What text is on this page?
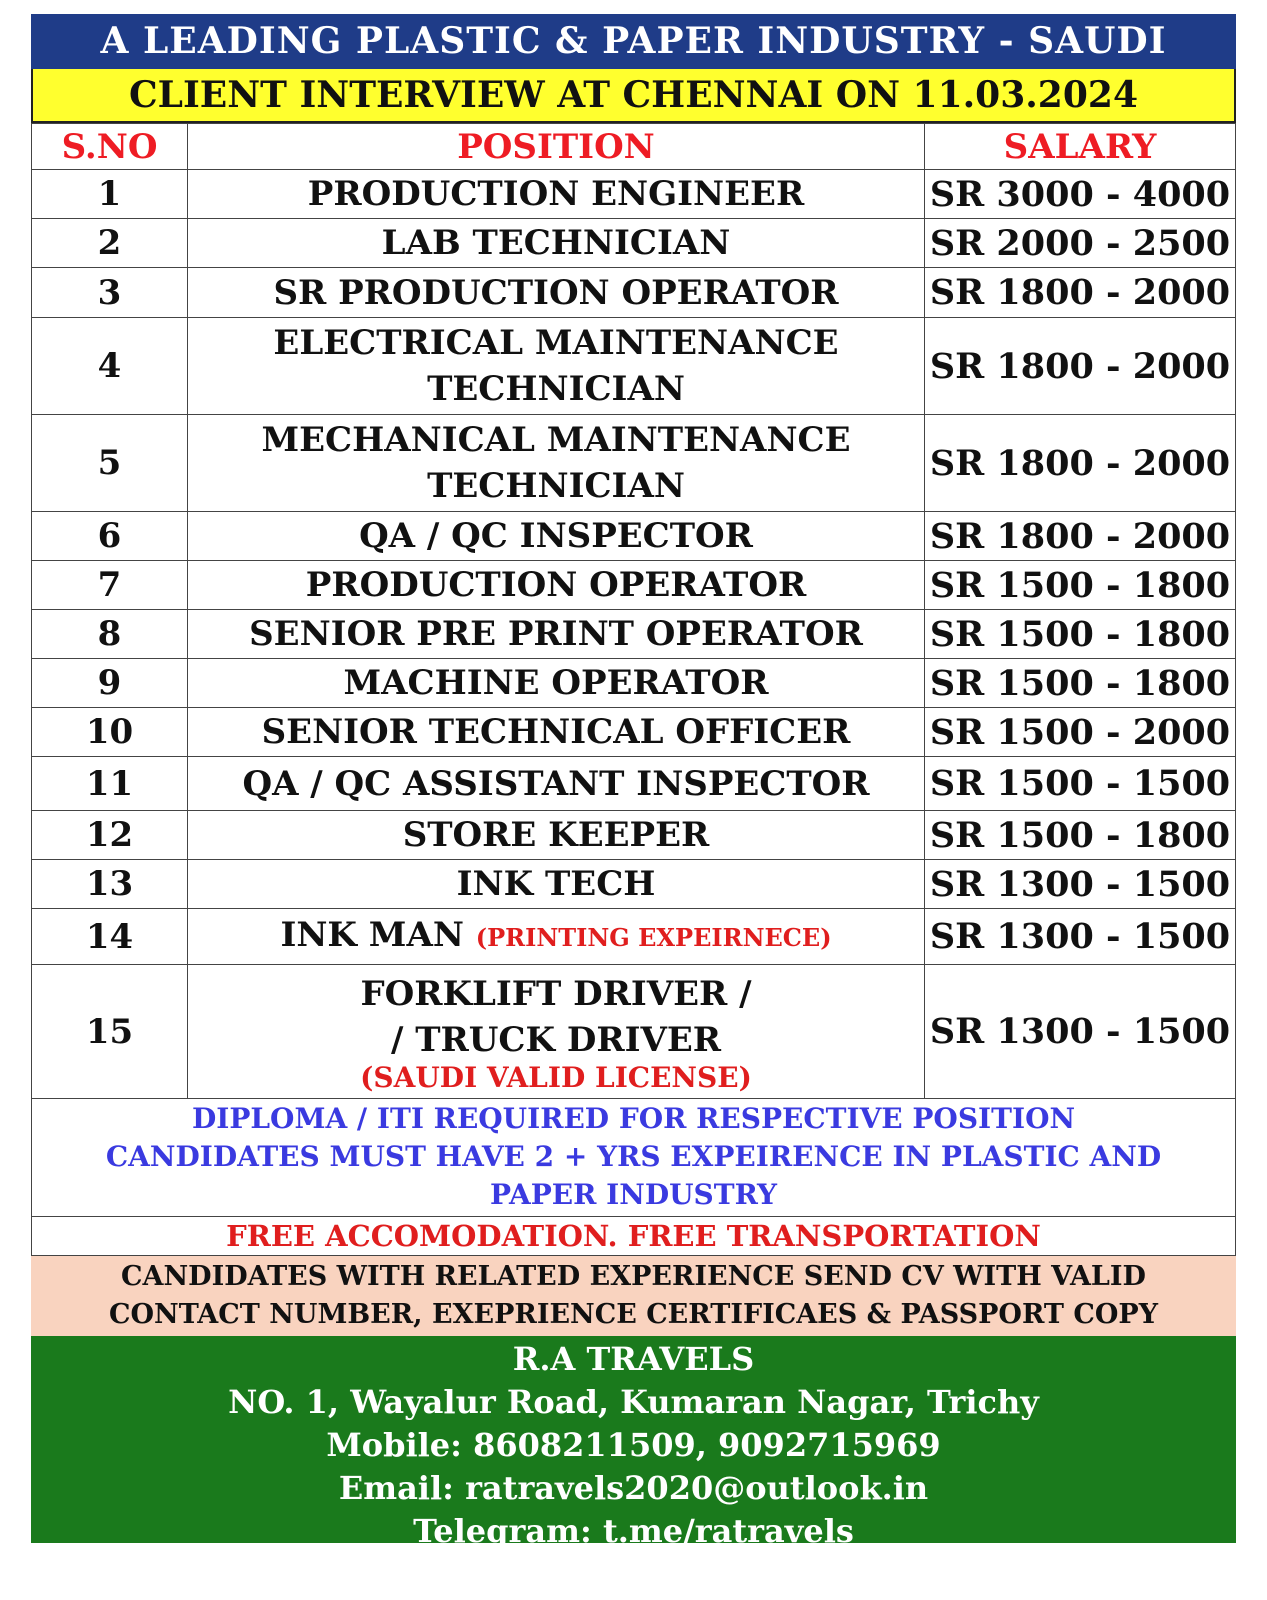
A LEADING PLASTIC & PAPER INDUSTRY - SAUDI
CLIENT INTERVIEW AT CHENNAI ON 11.03.2024
S.NO	POSITION	SALARY
1	PRODUCTION ENGINEER	SR 3000 - 4000
2	LAB TECHNICIAN	SR 2000 - 2500
3	SR PRODUCTION OPERATOR	SR 1800 - 2000
4	ELECTRICAL MAINTENANCE
TECHNICIAN	SR 1800 - 2000
5	MECHANICAL MAINTENANCE
TECHNICIAN	SR 1800 - 2000
6	QA / QC INSPECTOR	SR 1800 - 2000
7	PRODUCTION OPERATOR	SR 1500 - 1800
8	SENIOR PRE PRINT OPERATOR	SR 1500 - 1800
9	MACHINE OPERATOR	SR 1500 - 1800
10	SENIOR TECHNICAL OFFICER	SR 1500 - 2000
11	QA / QC ASSISTANT INSPECTOR	SR 1500 - 1500
12	STORE KEEPER	SR 1500 - 1800
13	INK TECH	SR 1300 - 1500
14	INK MAN (PRINTING EXPEIRNECE)	SR 1300 - 1500
15	FORKLIFT DRIVER /
/ TRUCK DRIVER
(SAUDI VALID LICENSE)	SR 1300 - 1500
DIPLOMA / ITI REQUIRED FOR RESPECTIVE POSITION
CANDIDATES MUST HAVE 2 + YRS EXPEIRENCE IN PLASTIC AND
PAPER INDUSTRY
FREE ACCOMODATION. FREE TRANSPORTATION
CANDIDATES WITH RELATED EXPERIENCE SEND CV WITH VALID
CONTACT NUMBER, EXEPRIENCE CERTIFICAES & PASSPORT COPY
R.A TRAVELS
NO. 1, Wayalur Road, Kumaran Nagar, Trichy
Mobile: 8608211509, 9092715969
Email: ratravels2020@outlook.in
Telegram: t.me/ratravels
